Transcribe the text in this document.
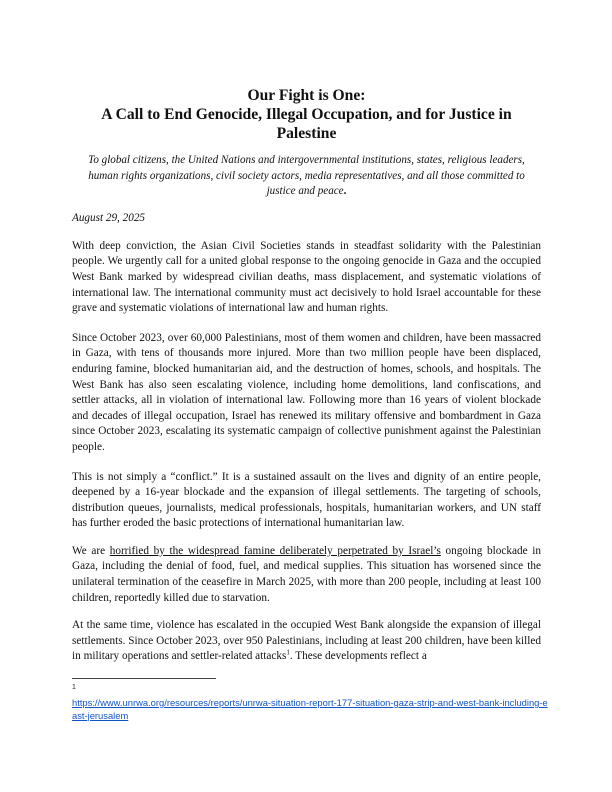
Our Fight is One:
A Call to End Genocide, Illegal Occupation, and for Justice in Palestine

To global citizens, the United Nations and intergovernmental institutions, states, religious leaders, human rights organizations, civil society actors, media representatives, and all those committed to justice and peace.

August 29, 2025

With deep conviction, the Asian Civil Societies stands in steadfast solidarity with the Palestinian people. We urgently call for a united global response to the ongoing genocide in Gaza and the occupied West Bank marked by widespread civilian deaths, mass displacement, and systematic violations of international law. The international community must act decisively to hold Israel accountable for these grave and systematic violations of international law and human rights.

Since October 2023, over 60,000 Palestinians, most of them women and children, have been massacred in Gaza, with tens of thousands more injured. More than two million people have been displaced, enduring famine, blocked humanitarian aid, and the destruction of homes, schools, and hospitals. The West Bank has also seen escalating violence, including home demolitions, land confiscations, and settler attacks, all in violation of international law. Following more than 16 years of violent blockade and decades of illegal occupation, Israel has renewed its military offensive and bombardment in Gaza since October 2023, escalating its systematic campaign of collective punishment against the Palestinian people.

This is not simply a “conflict.” It is a sustained assault on the lives and dignity of an entire people, deepened by a 16-year blockade and the expansion of illegal settlements. The targeting of schools, distribution queues, journalists, medical professionals, hospitals, humanitarian workers, and UN staff has further eroded the basic protections of international humanitarian law.

We are horrified by the widespread famine deliberately perpetrated by Israel’s ongoing blockade in Gaza, including the denial of food, fuel, and medical supplies. This situation has worsened since the unilateral termination of the ceasefire in March 2025, with more than 200 people, including at least 100 children, reportedly killed due to starvation.

At the same time, violence has escalated in the occupied West Bank alongside the expansion of illegal settlements. Since October 2023, over 950 Palestinians, including at least 200 children, have been killed in military operations and settler-related attacks$^1$. These developments reflect a

1
https://www.unrwa.org/resources/reports/unrwa-situation-report-177-situation-gaza-strip-and-west-bank-including-east-jerusalem
